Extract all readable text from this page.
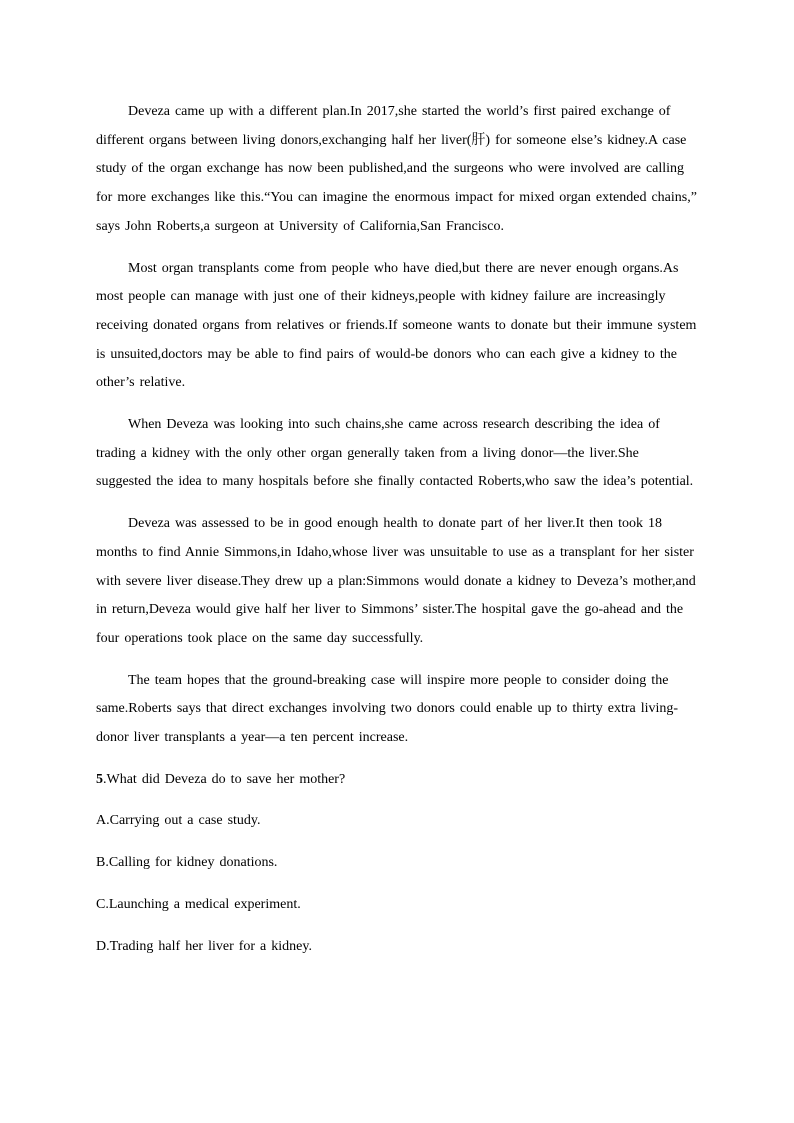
Deveza came up with a different plan.In 2017,she started the world’s first paired exchange of different organs between living donors,exchanging half her liver(肝) for someone else’s kidney.A case study of the organ exchange has now been published,and the surgeons who were involved are calling for more exchanges like this.“You can imagine the enormous impact for mixed organ extended chains,” says John Roberts,a surgeon at University of California,San Francisco.

Most organ transplants come from people who have died,but there are never enough organs.As most people can manage with just one of their kidneys,people with kidney failure are increasingly receiving donated organs from relatives or friends.If someone wants to donate but their immune system is unsuited,doctors may be able to find pairs of would-be donors who can each give a kidney to the other’s relative.

When Deveza was looking into such chains,she came across research describing the idea of trading a kidney with the only other organ generally taken from a living donor—the liver.She suggested the idea to many hospitals before she finally contacted Roberts,who saw the idea’s potential.

Deveza was assessed to be in good enough health to donate part of her liver.It then took 18 months to find Annie Simmons,in Idaho,whose liver was unsuitable to use as a transplant for her sister with severe liver disease.They drew up a plan:Simmons would donate a kidney to Deveza’s mother,and in return,Deveza would give half her liver to Simmons’ sister.The hospital gave the go-ahead and the four operations took place on the same day successfully.

The team hopes that the ground-breaking case will inspire more people to consider doing the same.Roberts says that direct exchanges involving two donors could enable up to thirty extra living-donor liver transplants a year—a ten percent increase.

5.What did Deveza do to save her mother?

A.Carrying out a case study.

B.Calling for kidney donations.

C.Launching a medical experiment.

D.Trading half her liver for a kidney.
